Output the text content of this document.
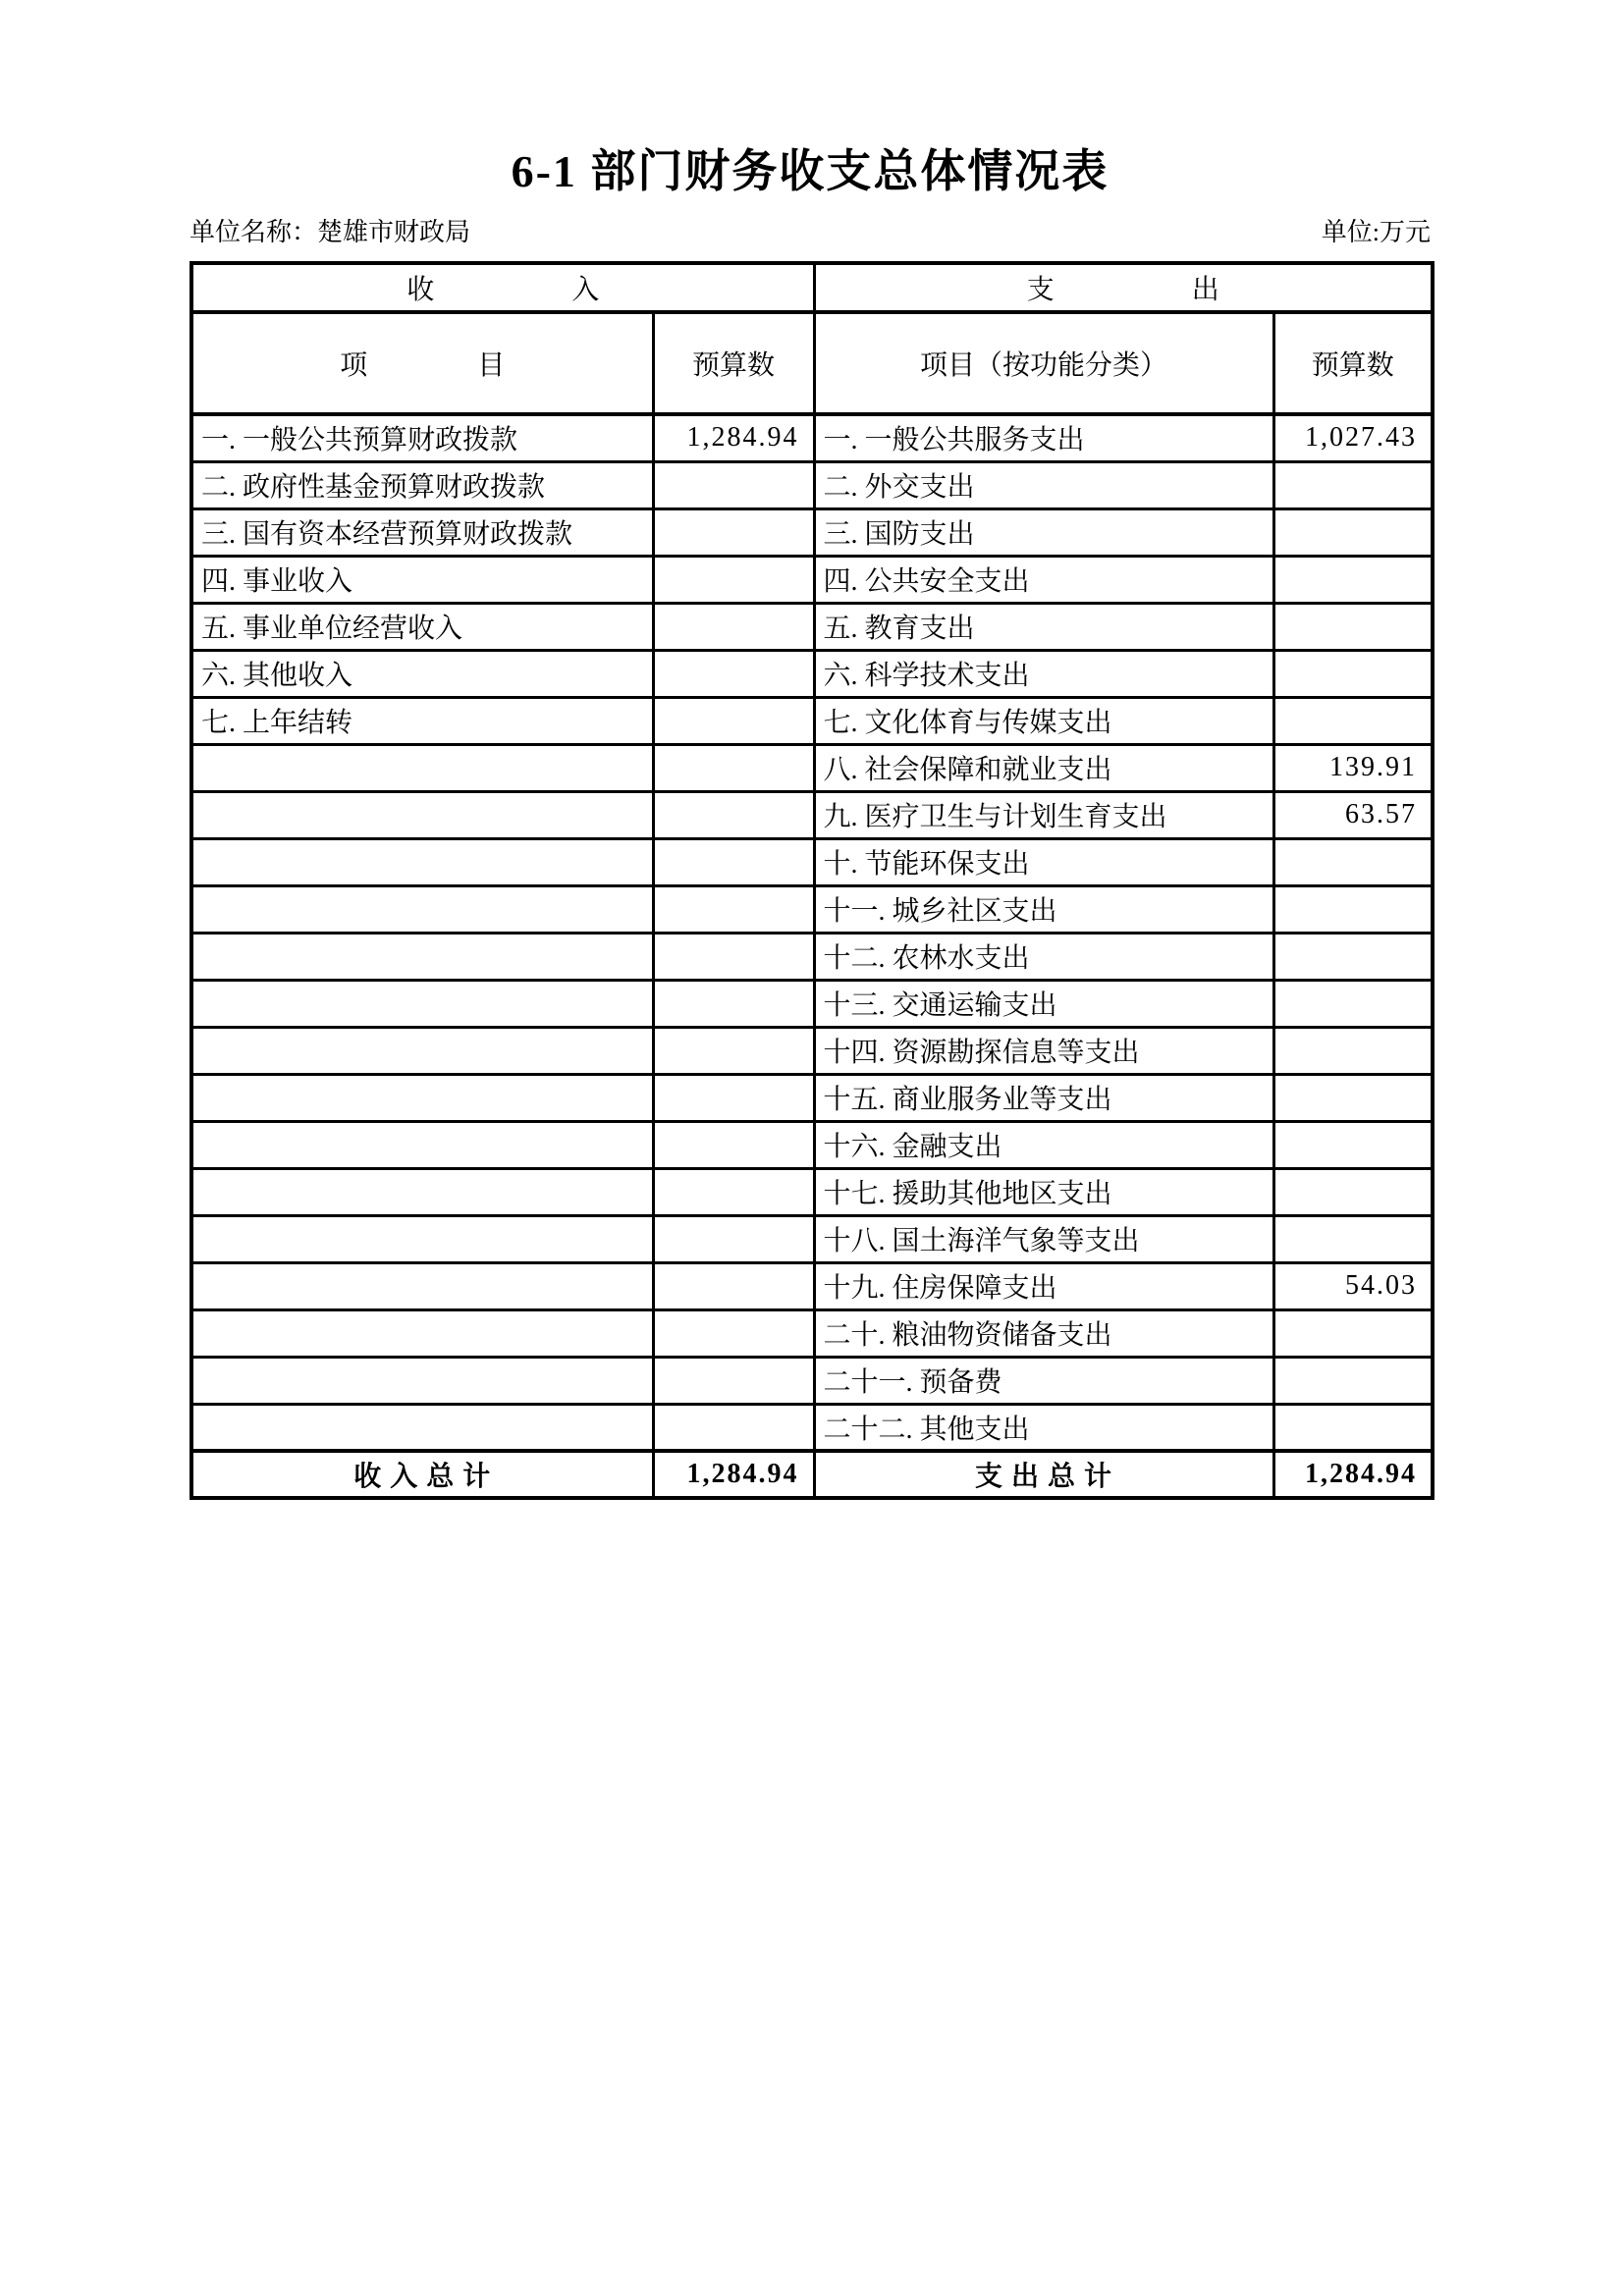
6-1 部门财务收支总体情况表
单位名称：楚雄市财政局	单位:万元
收　　　　　入		支　　　　　出	
项　　　　目	预算数	项目（按功能分类）	预算数
一. 一般公共预算财政拨款	1,284.94	一. 一般公共服务支出	1,027.43
二. 政府性基金预算财政拨款		二. 外交支出	
三. 国有资本经营预算财政拨款		三. 国防支出	
四. 事业收入		四. 公共安全支出	
五. 事业单位经营收入		五. 教育支出	
六. 其他收入		六. 科学技术支出	
七. 上年结转		七. 文化体育与传媒支出	
		八. 社会保障和就业支出	139.91
		九. 医疗卫生与计划生育支出	63.57
		十. 节能环保支出	
		十一. 城乡社区支出	
		十二. 农林水支出	
		十三. 交通运输支出	
		十四. 资源勘探信息等支出	
		十五. 商业服务业等支出	
		十六. 金融支出	
		十七. 援助其他地区支出	
		十八. 国土海洋气象等支出	
		十九. 住房保障支出	54.03
		二十. 粮油物资储备支出	
		二十一. 预备费	
		二十二. 其他支出	
收 入 总 计	1,284.94	支 出 总 计	1,284.94
